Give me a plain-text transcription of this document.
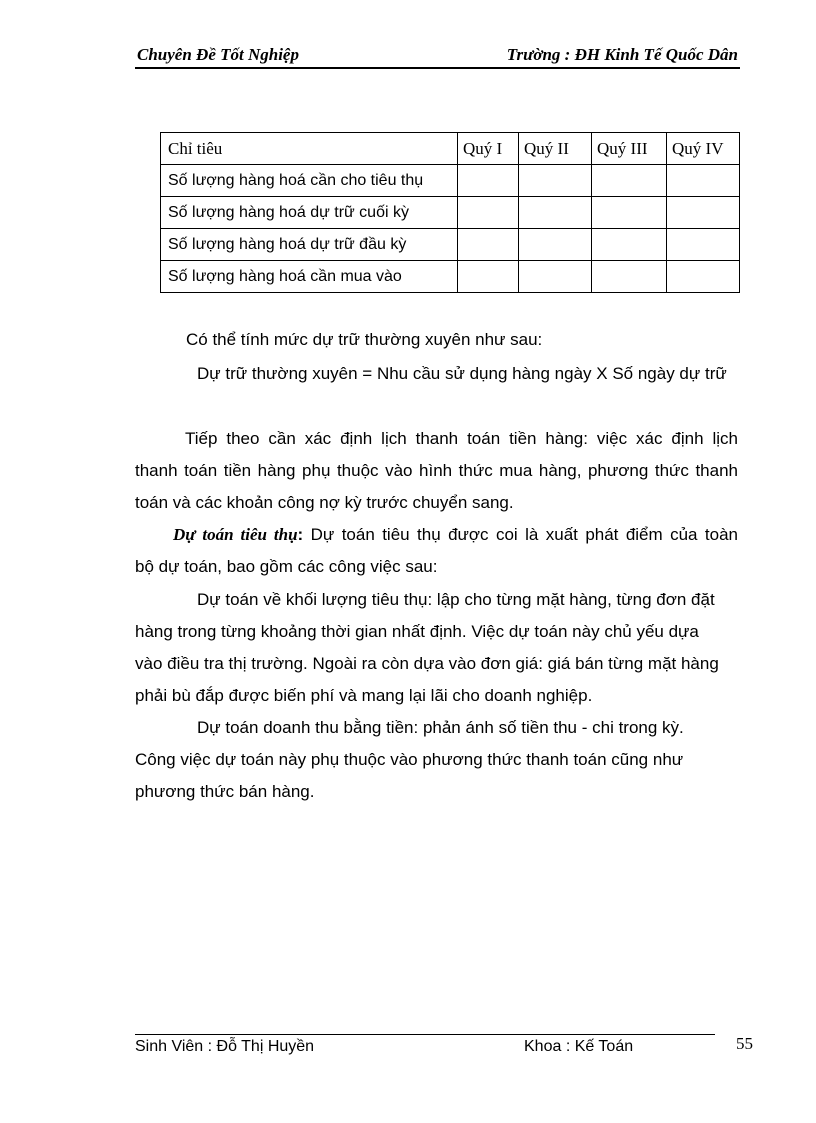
Chuyên Đề Tốt Nghiệp	Trường : ĐH Kinh Tế Quốc Dân
Chỉ tiêu	Quý I	Quý II	Quý III	Quý IV
Số lượng hàng hoá cần cho tiêu thụ				
Số lượng hàng hoá dự trữ cuối kỳ				
Số lượng hàng hoá dự trữ đầu kỳ				
Số lượng hàng hoá cần mua vào				
Có thể tính mức dự trữ thường xuyên như sau:
Dự trữ thường xuyên = Nhu cầu sử dụng hàng ngày X Số ngày dự trữ
Tiếp theo cần xác định lịch thanh toán tiền hàng: việc xác định lịch
thanh toán tiền hàng phụ thuộc vào hình thức mua hàng, phương thức thanh
toán và các khoản công nợ kỳ trước chuyển sang.
Dự toán tiêu thụ: Dự toán tiêu thụ được coi là xuất phát điểm của toàn
bộ dự toán, bao gồm các công việc sau:
Dự toán về khối lượng tiêu thụ: lập cho từng mặt hàng, từng đơn đặt
hàng trong từng khoảng thời gian nhất định. Việc dự toán này chủ yếu dựa
vào điều tra thị trường. Ngoài ra còn dựa vào đơn giá: giá bán từng mặt hàng
phải bù đắp được biến phí và mang lại lãi cho doanh nghiệp.
Dự toán doanh thu bằng tiền: phản ánh số tiền thu - chi trong kỳ.
Công việc dự toán này phụ thuộc vào phương thức thanh toán cũng như
phương thức bán hàng.
Sinh Viên : Đỗ Thị Huyền	Khoa : Kế Toán	55
